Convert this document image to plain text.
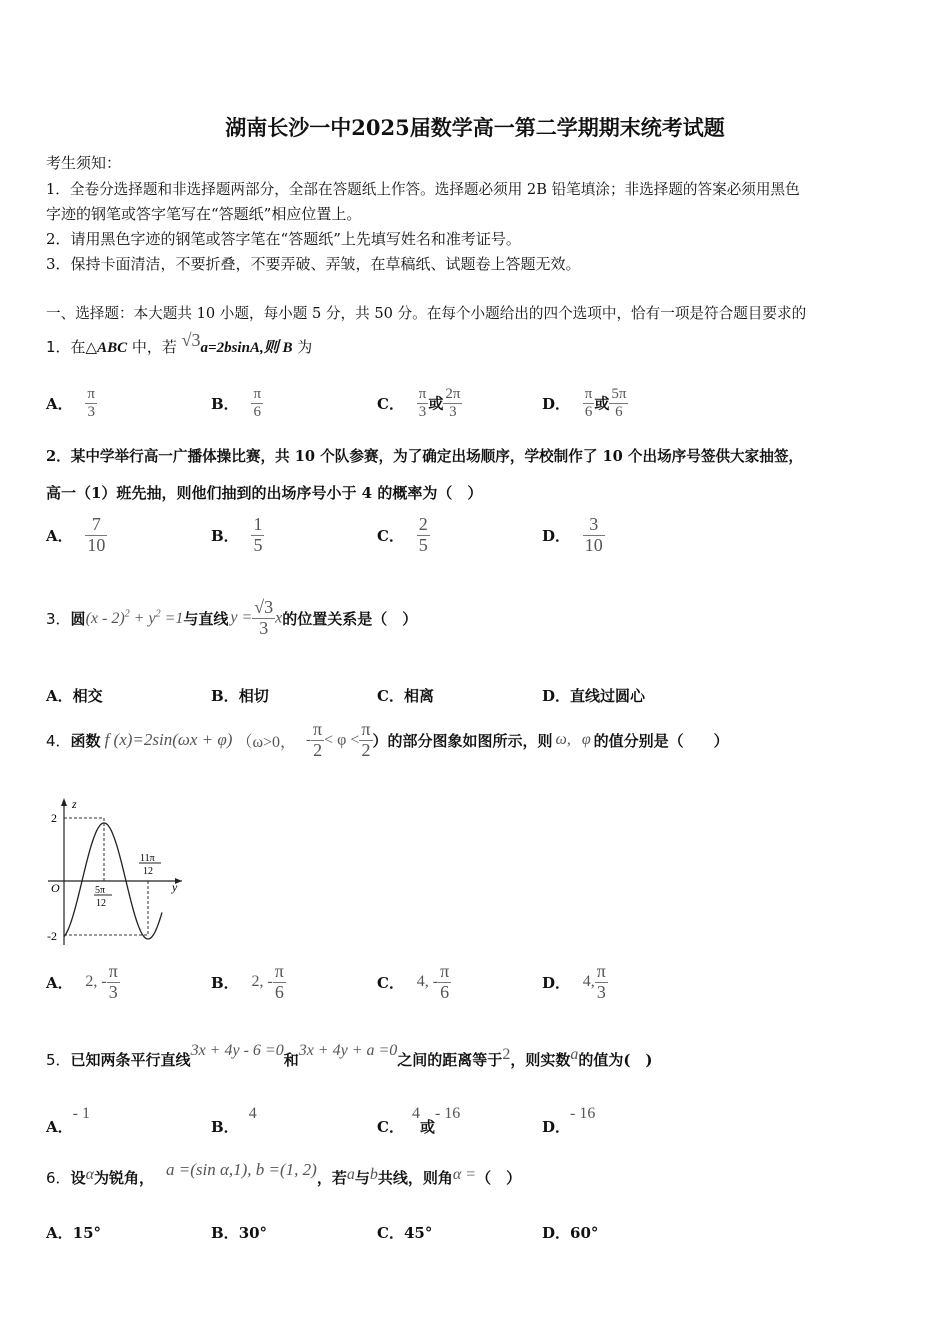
湖南长沙一中2025届数学高一第二学期期末统考试题
考生须知：
1．全卷分选择题和非选择题两部分，全部在答题纸上作答。选择题必须用 2B 铅笔填涂；非选择题的答案必须用黑色
字迹的钢笔或答字笔写在“答题纸”相应位置上。
2．请用黑色字迹的钢笔或答字笔在“答题纸”上先填写姓名和准考证号。
3．保持卡面清洁，不要折叠，不要弄破、弄皱，在草稿纸、试题卷上答题无效。
一、选择题：本大题共 10 小题，每小题 5 分，共 50 分。在每个小题给出的四个选项中，恰有一项是符合题目要求的
1．在△ABC 中，若 √3a=2bsinA,则 B 为
A． $\frac{\pi}{3}$	B． $\frac{\pi}{6}$	C． $\frac{\pi}{3}$ 或 $\frac{2\pi}{3}$	D． $\frac{\pi}{6}$ 或 $\frac{5\pi}{6}$
2．某中学举行高一广播体操比赛，共 10 个队参赛，为了确定出场顺序，学校制作了 10 个出场序号签供大家抽签，
高一（1）班先抽，则他们抽到的出场序号小于 4 的概率为（　）
A． $\frac{7}{10}$	B． $\frac{1}{5}$	C． $\frac{2}{5}$	D． $\frac{3}{10}$
3．圆$(x - 2)^2 + y^2 =1$与直线 $y = \frac{√3}{3}$ x的位置关系是（　）
A．相交	B．相切	C．相离	D．直线过圆心
4．函数 f (x)=2sin(ωx + φ) （ω>0， - $\frac{\pi}{2} < \varphi < \frac{\pi}{2}$ ）的部分图象如图所示，则 ω, φ 的值分别是（　　）
z
y
O
2
-2
5π
12
11π
12
A． 2, - $\frac{\pi}{3}$	B． 2, - $\frac{\pi}{6}$	C． 4, - $\frac{\pi}{6}$	D． 4, $\frac{\pi}{3}$
5．已知两条平行直线3x + 4y - 6 =0和3x + 4y + a =0之间的距离等于2，则实数a的值为(　)
A．- 1
B．4
C．4或- 16
D．- 16
6．设α为锐角， a =(sin α,1), b =(1, 2)，若a与b共线，则角α =（　）
A．15°	B．30°	C．45°	D．60°
